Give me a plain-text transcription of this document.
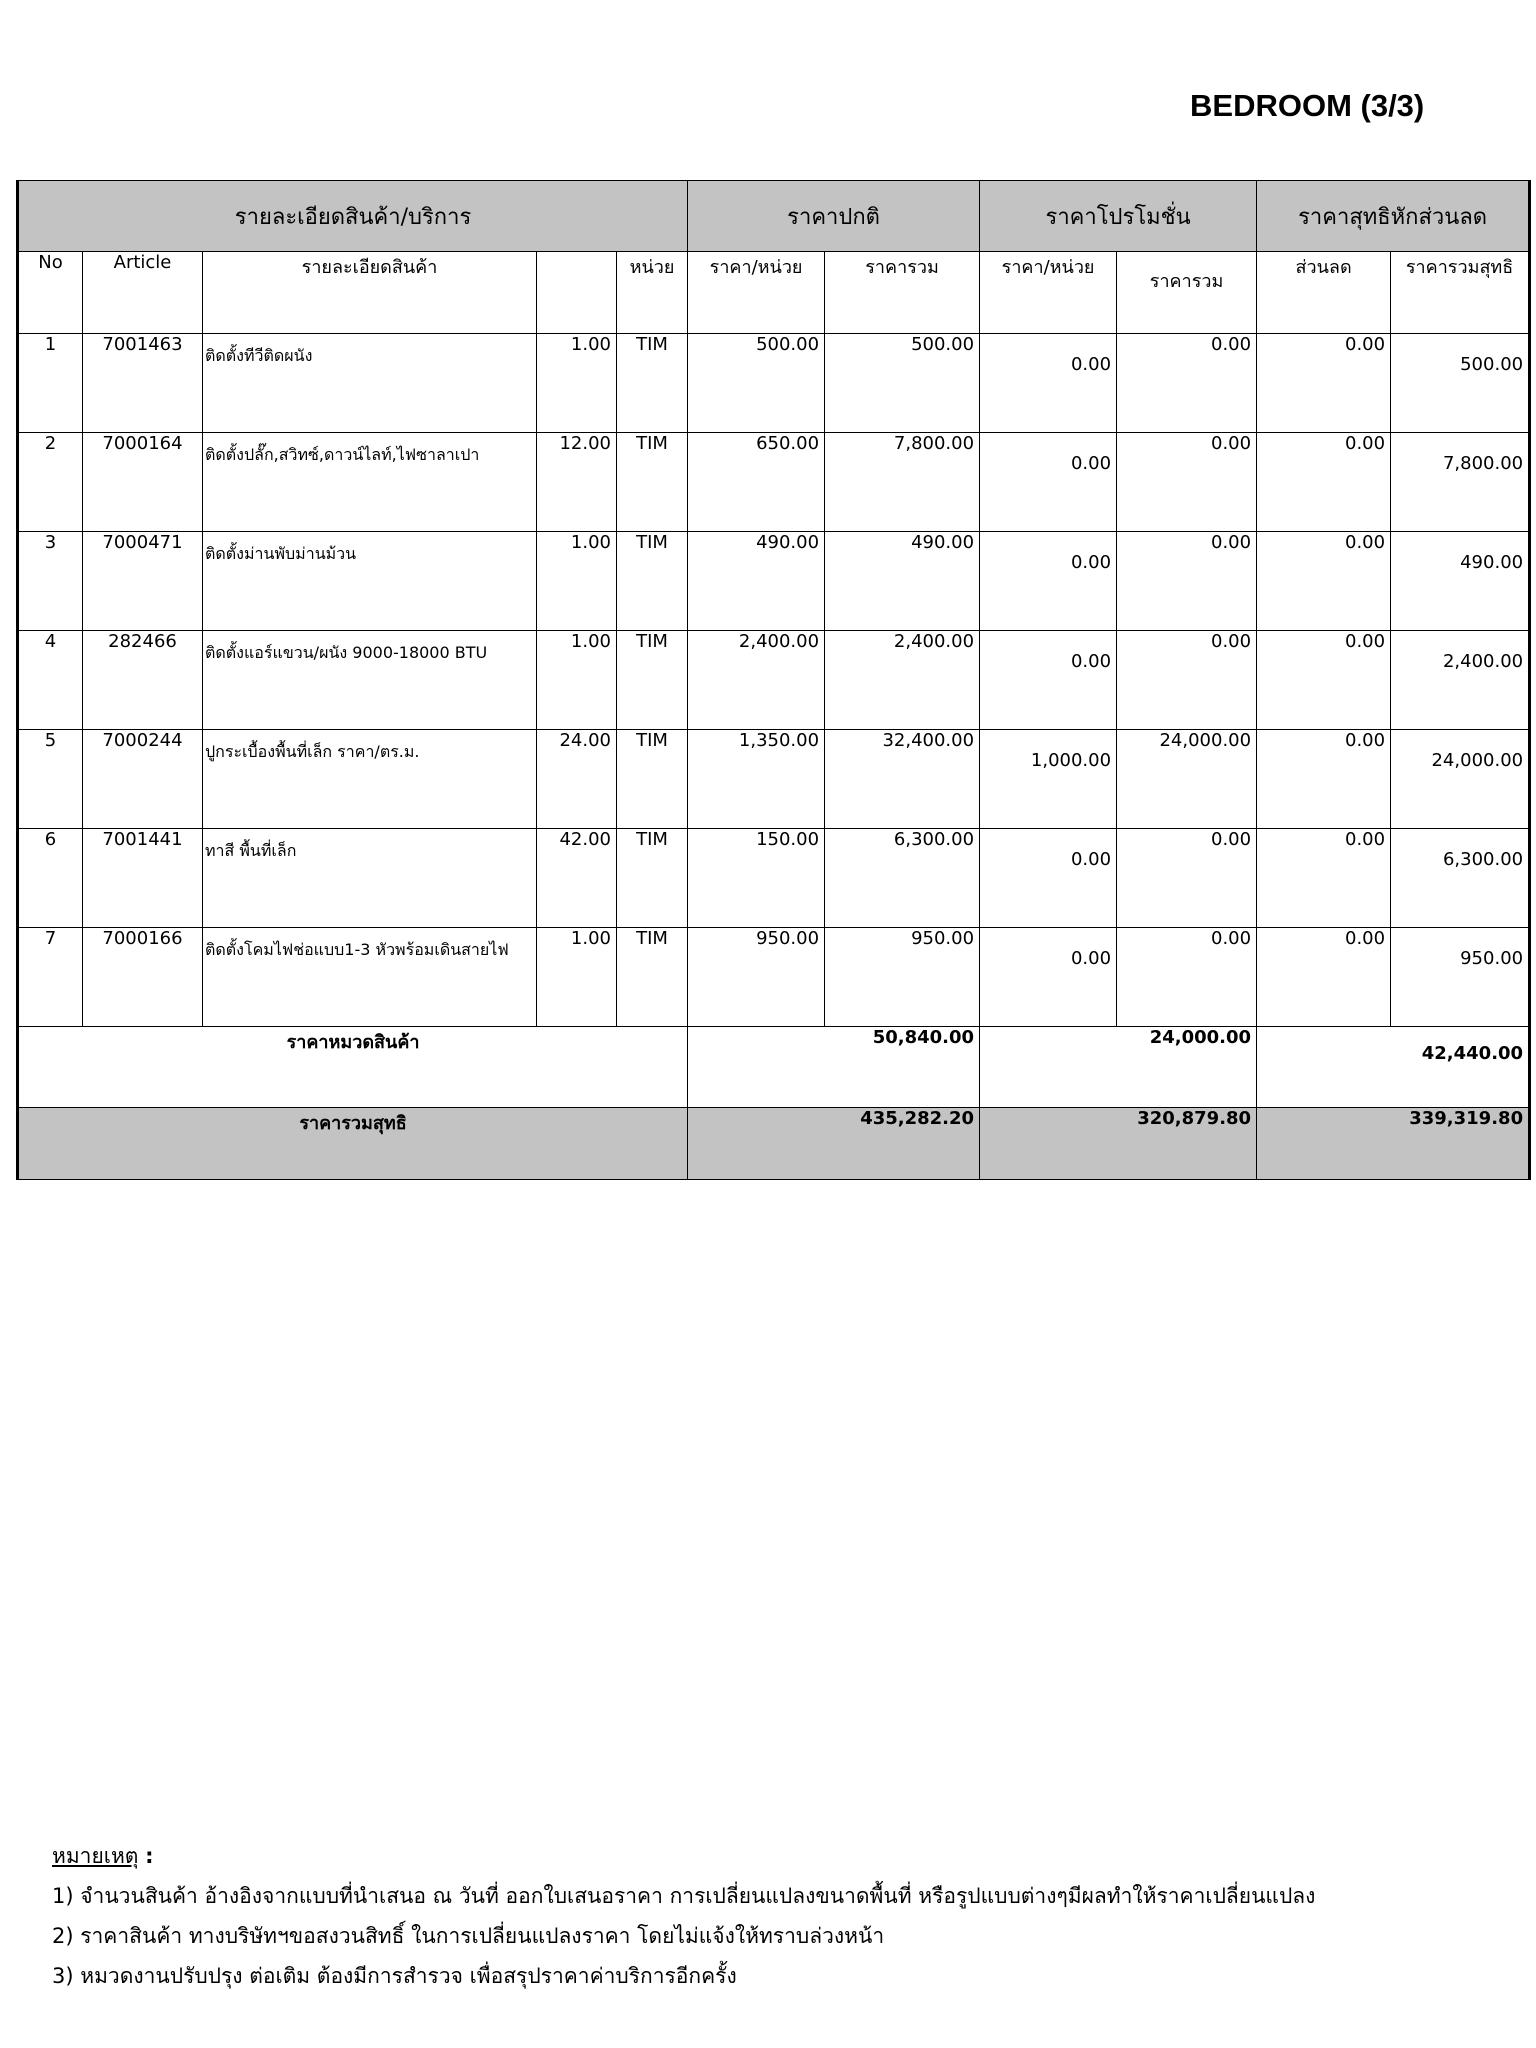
BEDROOM (3/3)
รายละเอียดสินค้า/บริการ					ราคาปกติ		ราคาโปรโมชั่น		ราคาสุทธิหักส่วนลด	
No	Article	รายละเอียดสินค้า		หน่วย	ราคา/หน่วย	ราคารวม	ราคา/หน่วย	ราคารวม	ส่วนลด	ราคารวมสุทธิ
1	7001463	ติดตั้งทีวีติดผนัง	1.00	TIM	500.00	500.00	0.00	0.00	0.00	500.00
2	7000164	ติดตั้งปลั๊ก,สวิทซ์,ดาวน์ไลท์,ไฟซาลาเปา	12.00	TIM	650.00	7,800.00	0.00	0.00	0.00	7,800.00
3	7000471	ติดตั้งม่านพับม่านม้วน	1.00	TIM	490.00	490.00	0.00	0.00	0.00	490.00
4	282466	ติดตั้งแอร์แขวน/ผนัง 9000-18000 BTU	1.00	TIM	2,400.00	2,400.00	0.00	0.00	0.00	2,400.00
5	7000244	ปูกระเบื้องพื้นที่เล็ก ราคา/ตร.ม.	24.00	TIM	1,350.00	32,400.00	1,000.00	24,000.00	0.00	24,000.00
6	7001441	ทาสี พื้นที่เล็ก	42.00	TIM	150.00	6,300.00	0.00	0.00	0.00	6,300.00
7	7000166	ติดตั้งโคมไฟช่อแบบ1-3 หัวพร้อมเดินสายไฟ	1.00	TIM	950.00	950.00	0.00	0.00	0.00	950.00
ราคาหมวดสินค้า					50,840.00		24,000.00		42,440.00	
ราคารวมสุทธิ					435,282.20		320,879.80		339,319.80	
หมายเหตุ :
1) จำนวนสินค้า อ้างอิงจากแบบที่นำเสนอ ณ วันที่ ออกใบเสนอราคา การเปลี่ยนแปลงขนาดพื้นที่ หรือรูปแบบต่างๆมีผลทำให้ราคาเปลี่ยนแปลง
2) ราคาสินค้า ทางบริษัทฯขอสงวนสิทธิ์ ในการเปลี่ยนแปลงราคา โดยไม่แจ้งให้ทราบล่วงหน้า
3) หมวดงานปรับปรุง ต่อเติม ต้องมีการสำรวจ เพื่อสรุปราคาค่าบริการอีกครั้ง
